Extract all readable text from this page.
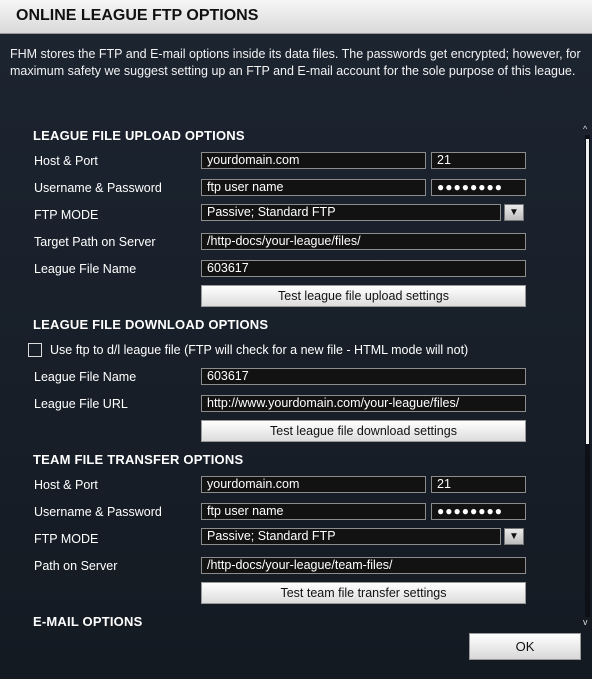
ONLINE LEAGUE FTP OPTIONS
FHM stores the FTP and E-mail options inside its data files. The passwords get encrypted; however, for maximum safety we suggest setting up an FTP and E-mail account for the sole purpose of this league.
LEAGUE FILE UPLOAD OPTIONS
Host & Port	yourdomain.com	21
Username & Password	ftp user name	●●●●●●●●
FTP MODE	Passive; Standard FTP	▼
Target Path on Server	/http-docs/your-league/files/
League File Name	603617
Test league file upload settings
LEAGUE FILE DOWNLOAD OPTIONS
Use ftp to d/l league file (FTP will check for a new file - HTML mode will not)
League File Name	603617
League File URL	http://www.yourdomain.com/your-league/files/
Test league file download settings
TEAM FILE TRANSFER OPTIONS
Host & Port	yourdomain.com	21
Username & Password	ftp user name	●●●●●●●●
FTP MODE	Passive; Standard FTP	▼
Path on Server	/http-docs/your-league/team-files/
Test team file transfer settings
E-MAIL OPTIONS
^
v
OK
